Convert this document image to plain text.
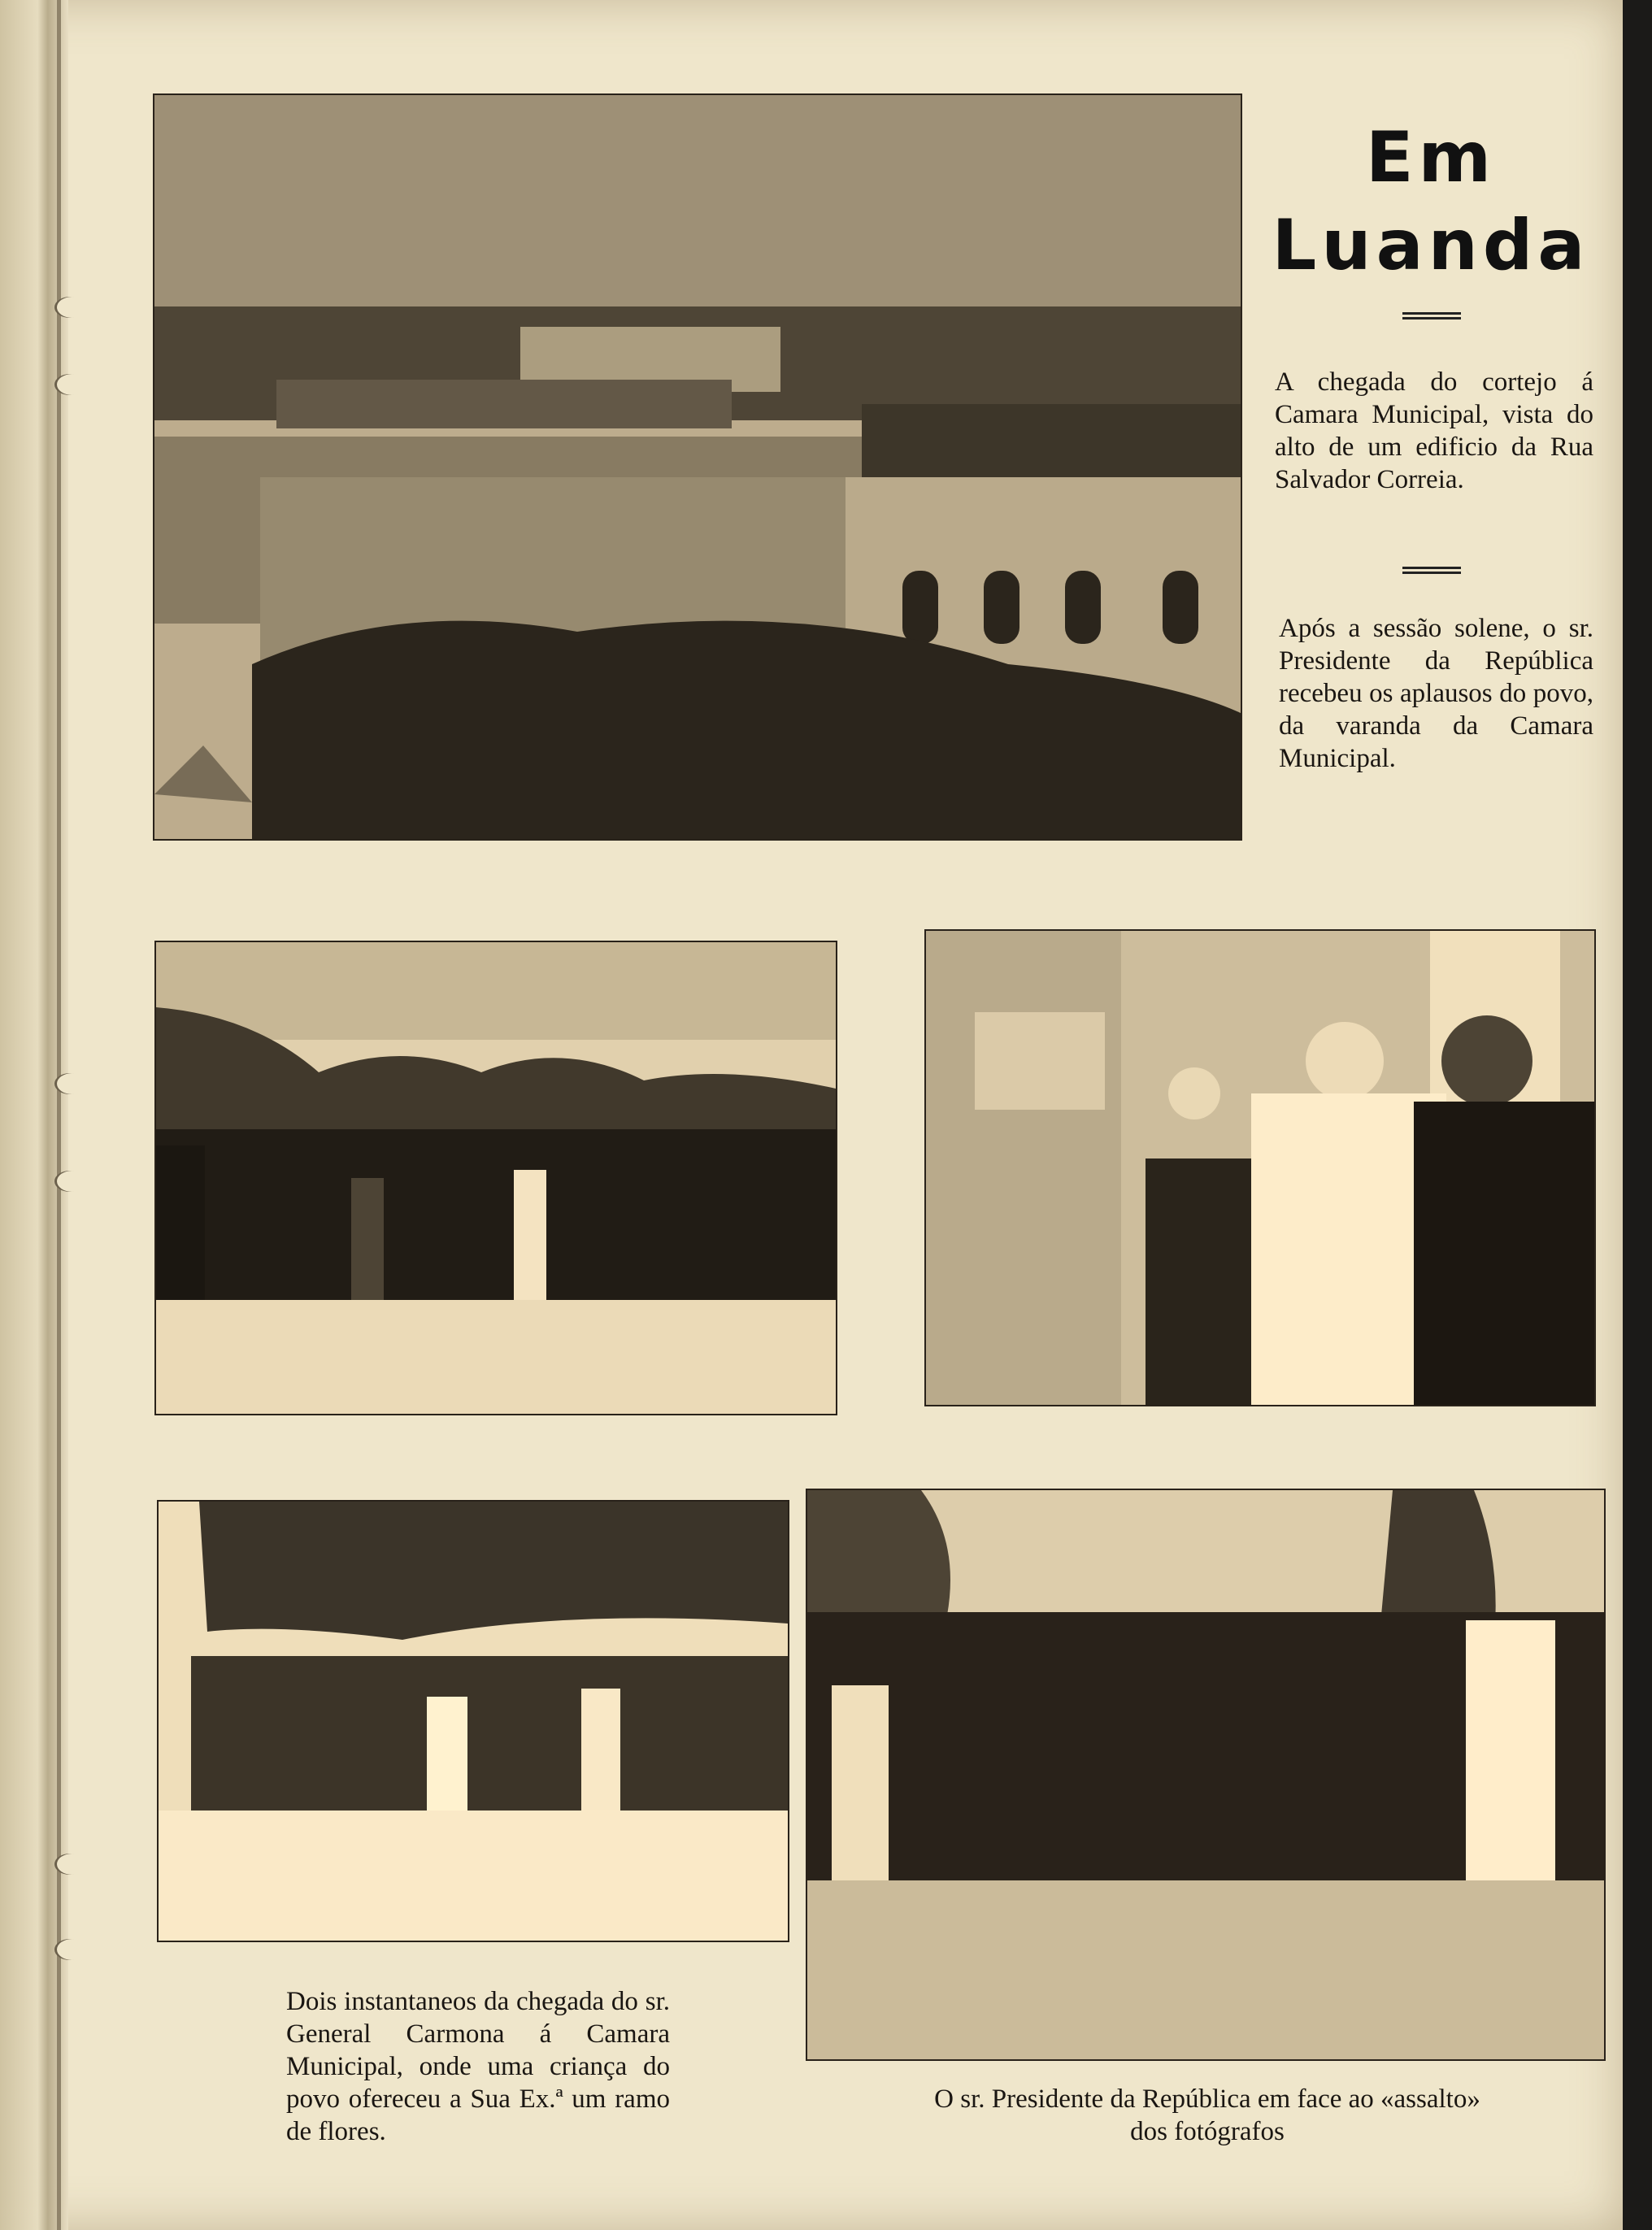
Em
Luanda
A chegada do cortejo á Camara Municipal, vista do alto de um edificio da Rua Salvador Correia.
Após a sessão solene, o sr. Presidente da República recebeu os aplausos do povo, da varanda da Camara Municipal.
Dois instantaneos da chegada do sr. General Carmona á Camara Municipal, onde uma criança do povo ofereceu a Sua Ex.ª um ramo de flores.
O sr. Presidente da República em face ao «assalto» dos fotógrafos
